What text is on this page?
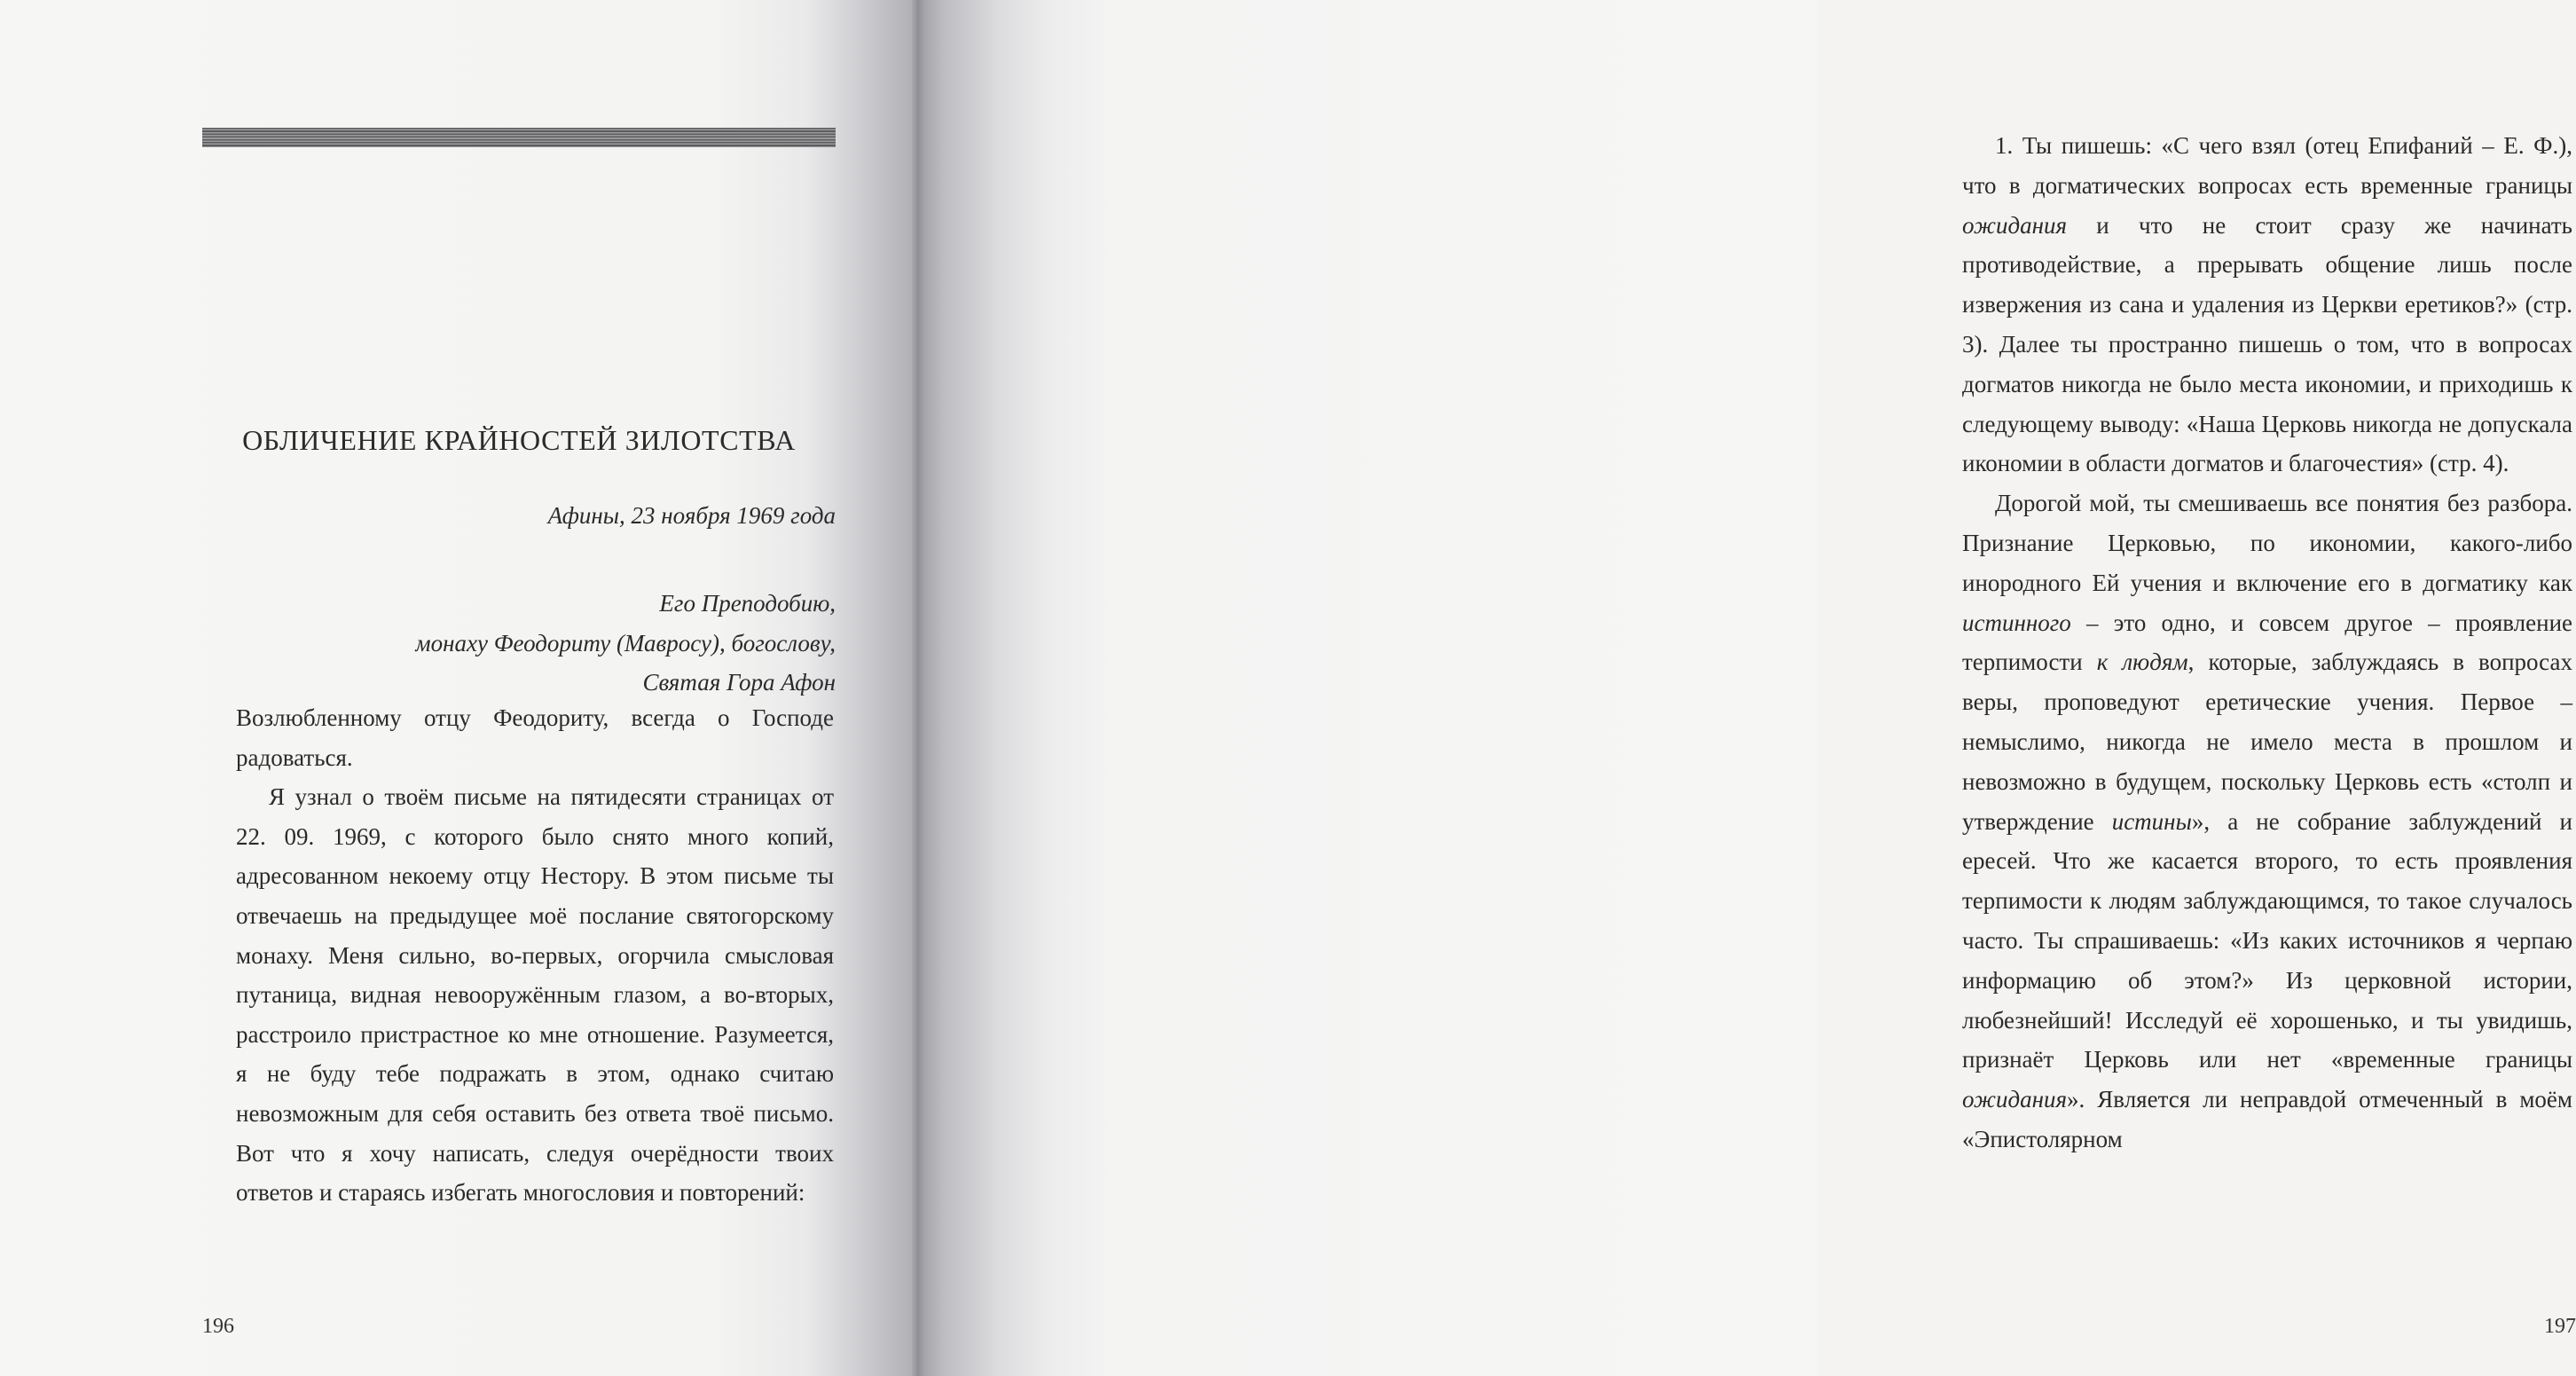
ОБЛИЧЕНИЕ КРАЙНОСТЕЙ ЗИЛОТСТВА
Афины, 23 ноября 1969 года
Его Преподобию,
монаху Феодориту (Мавросу), богослову,
Святая Гора Афон

Возлюбленному отцу Феодориту, всегда о Господе радоваться.

Я узнал о твоём письме на пятидесяти страницах от 22. 09. 1969, с которого было снято много копий, адресованном некоему отцу Нестору. В этом письме ты отвечаешь на предыдущее моё послание святогорскому монаху. Меня сильно, во-первых, огорчила смысловая путаница, видная невооружённым глазом, а во-вторых, расстроило пристрастное ко мне отношение. Разумеется, я не буду тебе подражать в этом, однако считаю невозможным для себя оставить без ответа твоё письмо. Вот что я хочу написать, следуя очерёдности твоих ответов и стараясь избегать многословия и повторений:

196

1. Ты пишешь: «С чего взял (отец Епифаний – Е. Ф.), что в догматических вопросах есть временные границы ожидания и что не стоит сразу же начинать противодействие, а прерывать общение лишь после извержения из сана и удаления из Церкви еретиков?» (стр. 3). Далее ты пространно пишешь о том, что в вопросах догматов никогда не было места икономии, и приходишь к следующему выводу: «Наша Церковь никогда не допускала икономии в области догматов и благочестия» (стр. 4).

Дорогой мой, ты смешиваешь все понятия без разбора. Признание Церковью, по икономии, какого-либо инородного Ей учения и включение его в догматику как истинного – это одно, и совсем другое – проявление терпимости к людям, которые, заблуждаясь в вопросах веры, проповедуют еретические учения. Первое – немыслимо, никогда не имело места в прошлом и невозможно в будущем, поскольку Церковь есть «столп и утверждение истины», а не собрание заблуждений и ересей. Что же касается второго, то есть проявления терпимости к людям заблуждающимся, то такое случалось часто. Ты спрашиваешь: «Из каких источников я черпаю информацию об этом?» Из церковной истории, любезнейший! Исследуй её хорошенько, и ты увидишь, признаёт Церковь или нет «временные границы ожидания». Является ли неправдой отмеченный в моём «Эпистолярном

197
